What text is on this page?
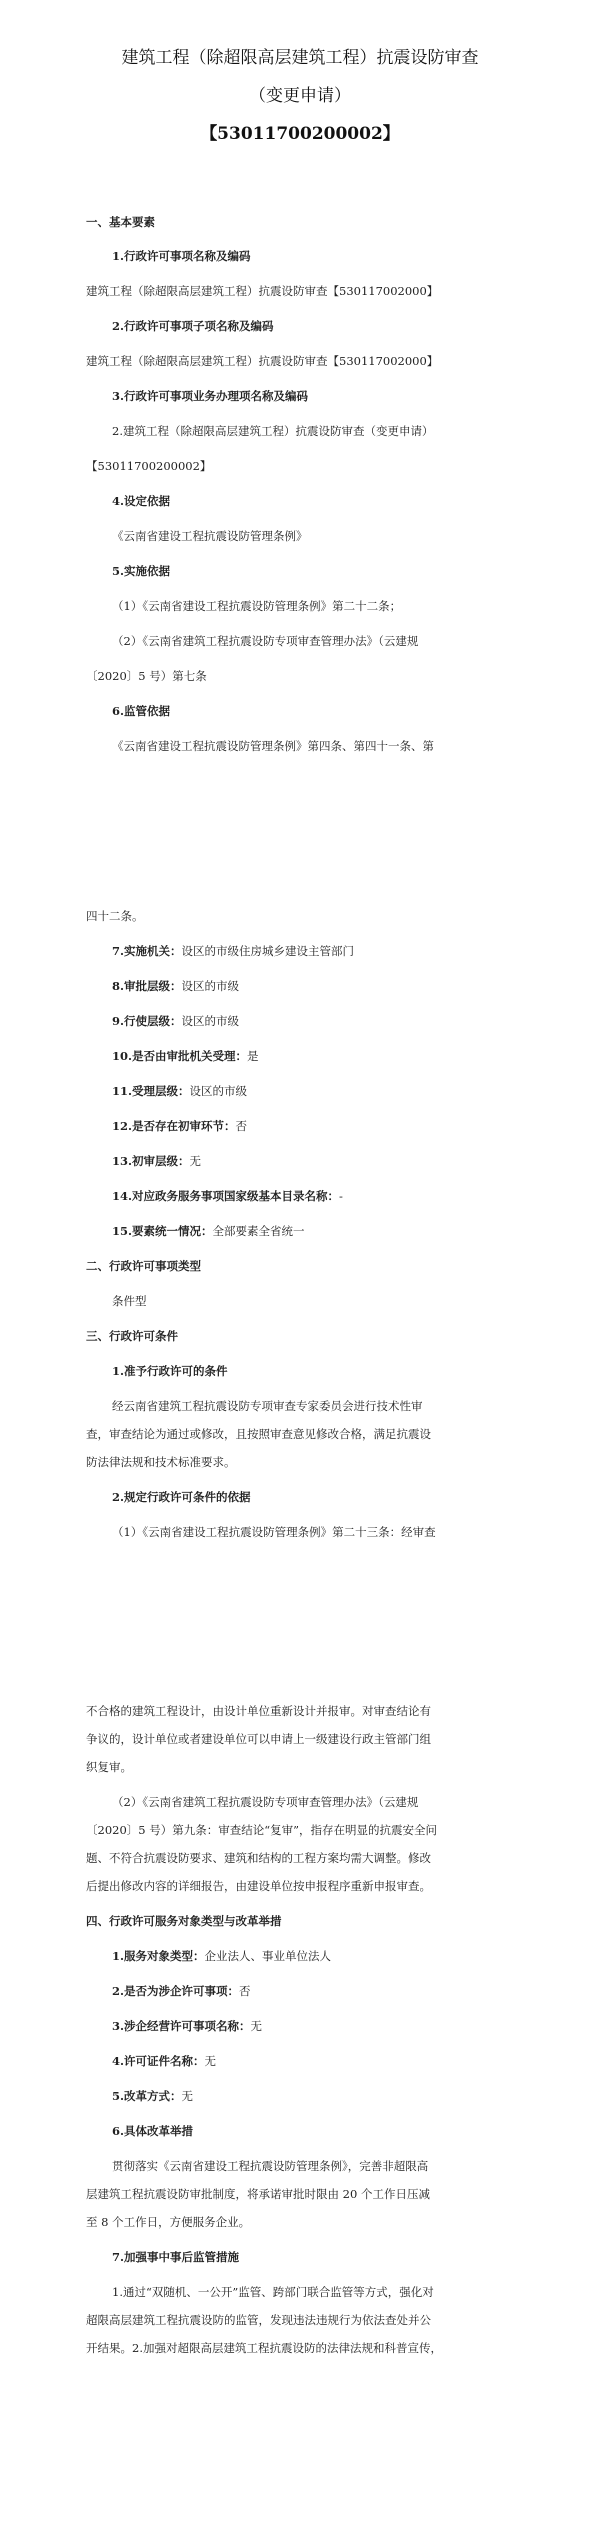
建筑工程（除超限高层建筑工程）抗震设防审查
（变更申请）
【53011700200002】
一、基本要素
1.行政许可事项名称及编码
建筑工程（除超限高层建筑工程）抗震设防审查【530117002000】
2.行政许可事项子项名称及编码
建筑工程（除超限高层建筑工程）抗震设防审查【530117002000】
3.行政许可事项业务办理项名称及编码
2.建筑工程（除超限高层建筑工程）抗震设防审查（变更申请）
【53011700200002】
4.设定依据
《云南省建设工程抗震设防管理条例》
5.实施依据
（1）《云南省建设工程抗震设防管理条例》第二十二条；
（2）《云南省建筑工程抗震设防专项审查管理办法》（云建规
〔2020〕5 号）第七条
6.监管依据
《云南省建设工程抗震设防管理条例》第四条、第四十一条、第
四十二条。
7.实施机关：设区的市级住房城乡建设主管部门
8.审批层级：设区的市级
9.行使层级：设区的市级
10.是否由审批机关受理：是
11.受理层级：设区的市级
12.是否存在初审环节：否
13.初审层级：无
14.对应政务服务事项国家级基本目录名称：-
15.要素统一情况：全部要素全省统一
二、行政许可事项类型
条件型
三、行政许可条件
1.准予行政许可的条件
经云南省建筑工程抗震设防专项审查专家委员会进行技术性审
查，审查结论为通过或修改，且按照审查意见修改合格，满足抗震设
防法律法规和技术标准要求。
2.规定行政许可条件的依据
（1）《云南省建设工程抗震设防管理条例》第二十三条：经审查
不合格的建筑工程设计，由设计单位重新设计并报审。对审查结论有
争议的，设计单位或者建设单位可以申请上一级建设行政主管部门组
织复审。
（2）《云南省建筑工程抗震设防专项审查管理办法》（云建规
〔2020〕5 号）第九条：审查结论“复审”，指存在明显的抗震安全问
题、不符合抗震设防要求、建筑和结构的工程方案均需大调整。修改
后提出修改内容的详细报告，由建设单位按申报程序重新申报审查。
四、行政许可服务对象类型与改革举措
1.服务对象类型：企业法人、事业单位法人
2.是否为涉企许可事项：否
3.涉企经营许可事项名称：无
4.许可证件名称：无
5.改革方式：无
6.具体改革举措
贯彻落实《云南省建设工程抗震设防管理条例》，完善非超限高
层建筑工程抗震设防审批制度，将承诺审批时限由 20 个工作日压减
至 8 个工作日，方便服务企业。
7.加强事中事后监管措施
1.通过“双随机、一公开”监管、跨部门联合监管等方式，强化对
超限高层建筑工程抗震设防的监管，发现违法违规行为依法查处并公
开结果。2.加强对超限高层建筑工程抗震设防的法律法规和科普宣传，
